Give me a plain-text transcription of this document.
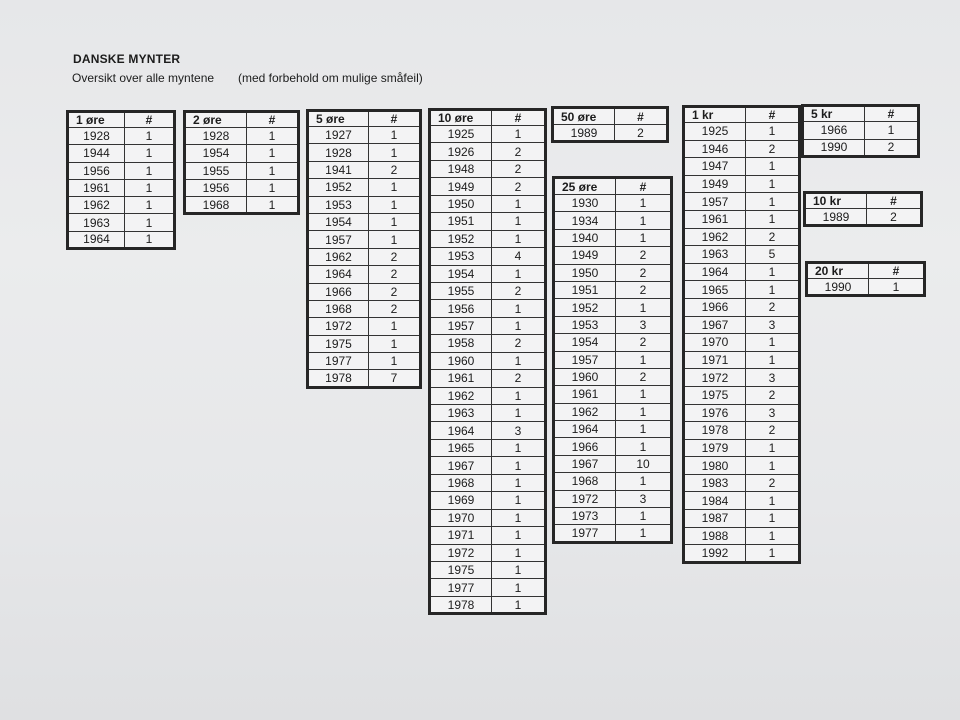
DANSKE MYNTER
Oversikt over alle myntene (med forbehold om mulige småfeil)
1 øre	#
1928	1
1944	1
1956	1
1961	1
1962	1
1963	1
1964	1
2 øre	#
1928	1
1954	1
1955	1
1956	1
1968	1
5 øre	#
1927	1
1928	1
1941	2
1952	1
1953	1
1954	1
1957	1
1962	2
1964	2
1966	2
1968	2
1972	1
1975	1
1977	1
1978	7
10 øre	#
1925	1
1926	2
1948	2
1949	2
1950	1
1951	1
1952	1
1953	4
1954	1
1955	2
1956	1
1957	1
1958	2
1960	1
1961	2
1962	1
1963	1
1964	3
1965	1
1967	1
1968	1
1969	1
1970	1
1971	1
1972	1
1975	1
1977	1
1978	1
50 øre	#
1989	2
25 øre	#
1930	1
1934	1
1940	1
1949	2
1950	2
1951	2
1952	1
1953	3
1954	2
1957	1
1960	2
1961	1
1962	1
1964	1
1966	1
1967	10
1968	1
1972	3
1973	1
1977	1
1 kr	#
1925	1
1946	2
1947	1
1949	1
1957	1
1961	1
1962	2
1963	5
1964	1
1965	1
1966	2
1967	3
1970	1
1971	1
1972	3
1975	2
1976	3
1978	2
1979	1
1980	1
1983	2
1984	1
1987	1
1988	1
1992	1
5 kr	#
1966	1
1990	2
10 kr	#
1989	2
20 kr	#
1990	1
